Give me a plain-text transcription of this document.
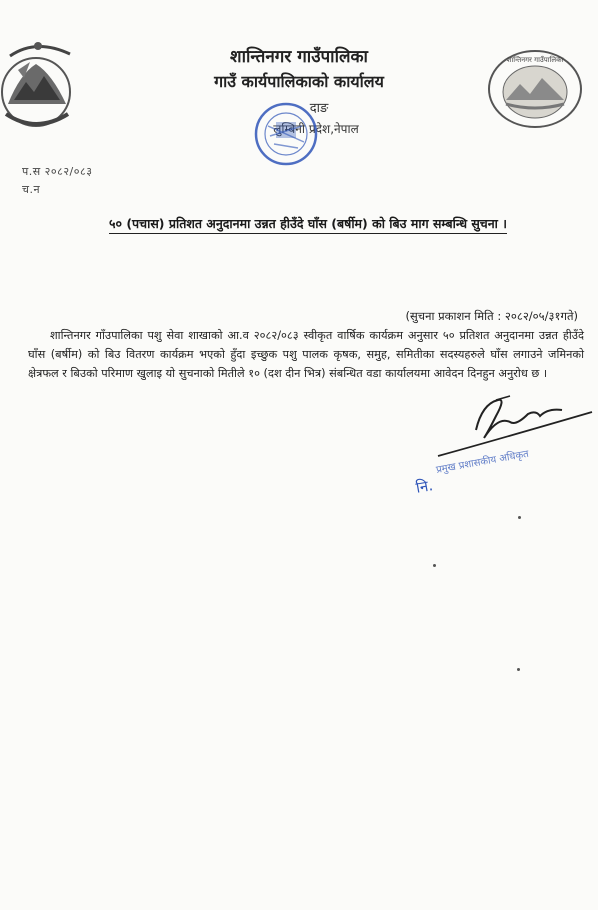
शान्तिनगर गाउँपालिका
गाउँ कार्यपालिकाको कार्यालय
दाङ
लुम्बिनी प्रदेश,नेपाल
शान्तिनगर गाउँपालिका
प.स २०८२/०८३
च.न
५० (पचास) प्रतिशत अनुदानमा उन्नत हीउँदे घाँस (बर्षीम) को बिउ माग सम्बन्धि सुचना ।
(सुचना प्रकाशन मिति : २०८२/०५/३१गते)
शान्तिनगर गाँउपालिका पशु सेवा शाखाको आ.व २०८२/०८३ स्वीकृत वार्षिक कार्यक्रम अनुसार ५० प्रतिशत अनुदानमा उन्नत हीउँदे घाँस (बर्षीम) को बिउ वितरण कार्यक्रम भएको हुँदा इच्छुक पशु पालक कृषक, समुह, समितीका सदस्यहरुले घाँस लगाउने जमिनको क्षेत्रफल र बिउको परिमाण खुलाइ यो सुचनाको मितीले १० (दश दीन भित्र) संबन्धित वडा कार्यालयमा आवेदन दिनहुन अनुरोध छ ।
नि.
प्रमुख प्रशासकीय अधिकृत
